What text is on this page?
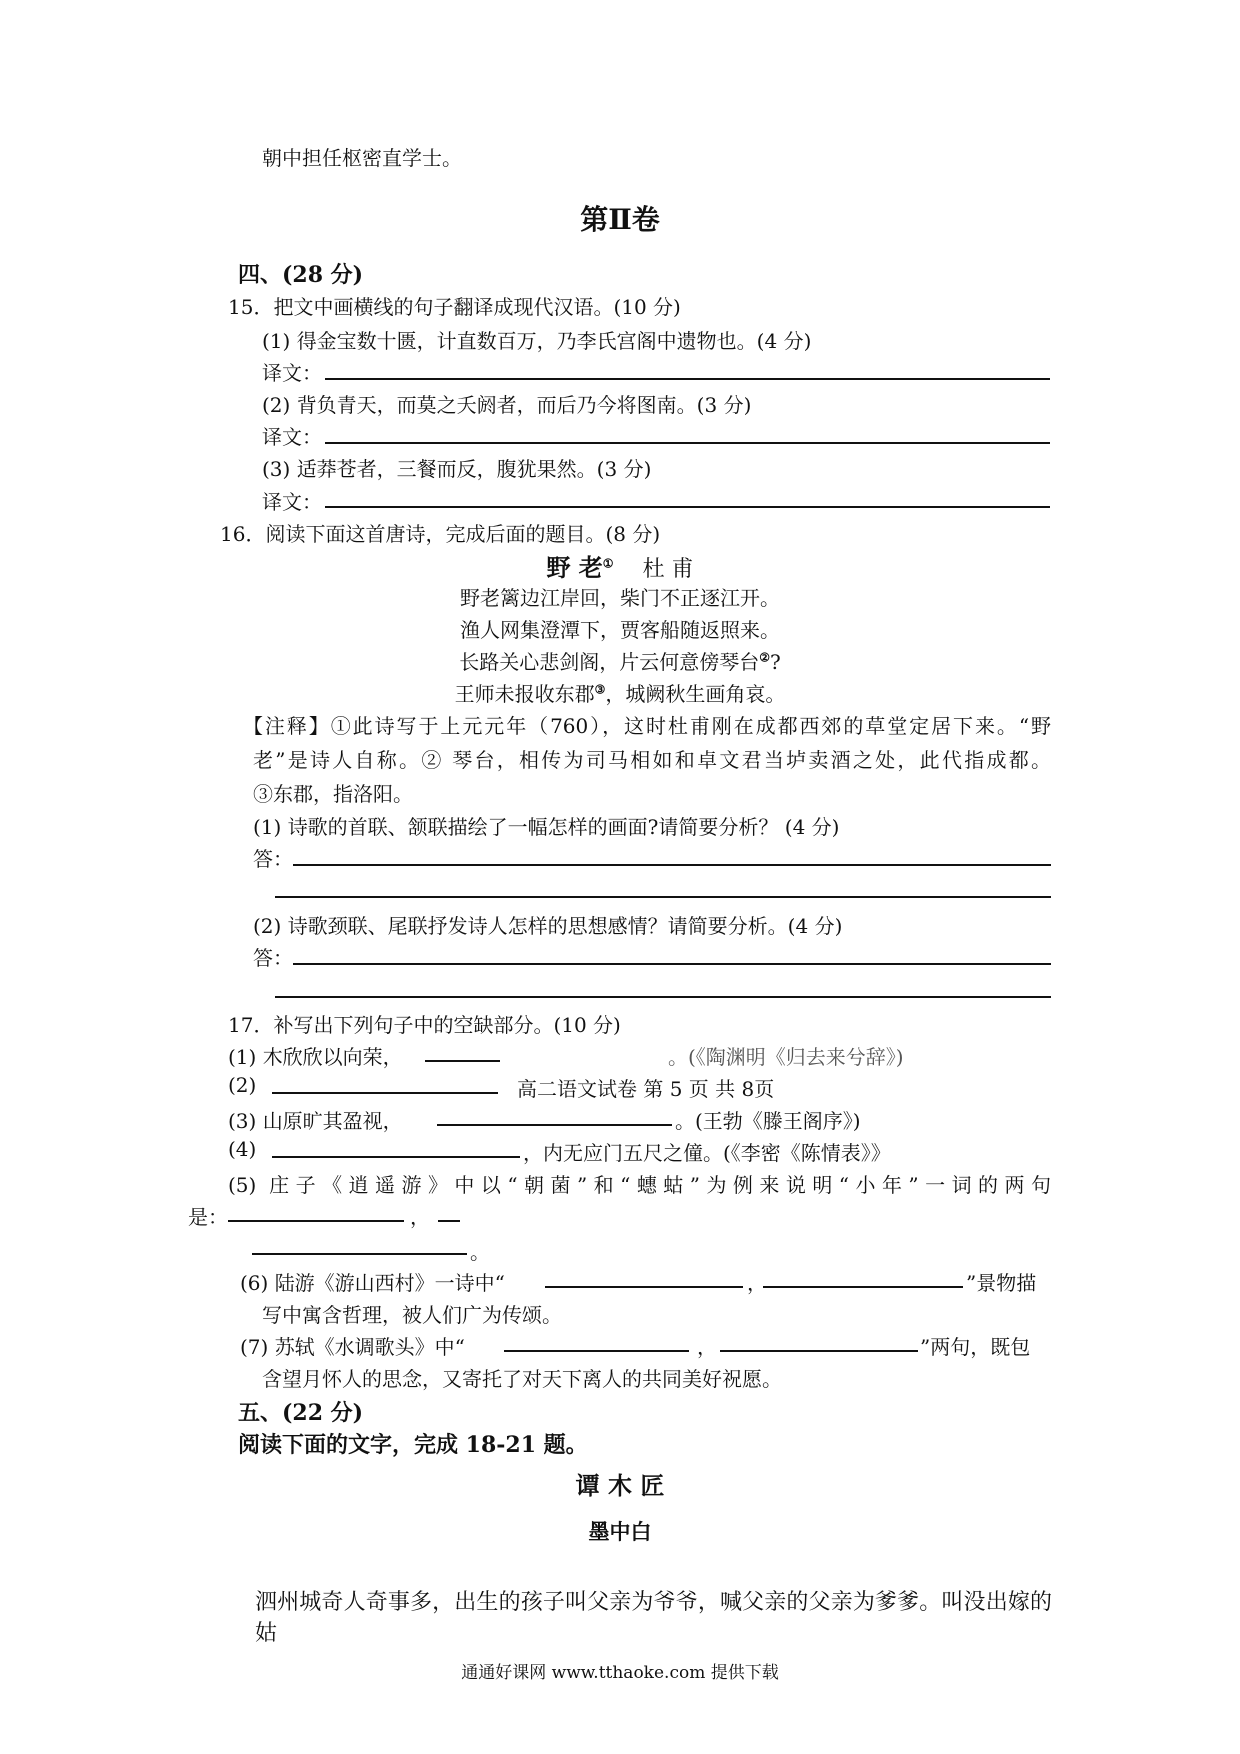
朝中担任枢密直学士。
第Ⅱ卷
四、(28 分)
15．把文中画横线的句子翻译成现代汉语。(10 分)
(1) 得金宝数十匮，计直数百万，乃李氏宫阁中遗物也。(4 分)
译文：
(2) 背负青天，而莫之夭阏者，而后乃今将图南。(3 分)
译文：
(3) 适莽苍者，三餐而反，腹犹果然。(3 分)
译文：
16．阅读下面这首唐诗，完成后面的题目。(8 分)
野 老① 杜 甫
野老篱边江岸回，柴门不正逐江开。
渔人网集澄潭下，贾客船随返照来。
长路关心悲剑阁，片云何意傍琴台②?
王师未报收东郡③，城阙秋生画角哀。
【注释】①此诗写于上元元年（760），这时杜甫刚在成都西郊的草堂定居下来。“野
老”是诗人自称。② 琴台，相传为司马相如和卓文君当垆卖酒之处，此代指成都。
③东郡，指洛阳。
(1) 诗歌的首联、颔联描绘了一幅怎样的画面?请简要分析？ (4 分)
答：
(2) 诗歌颈联、尾联抒发诗人怎样的思想感情？请简要分析。(4 分)
答：
17．补写出下列句子中的空缺部分。(10 分)
(1) 木欣欣以向荣，	。(《陶渊明《归去来兮辞》)
(2)	高二语文试卷 第 5 页 共 8页
(3) 山原旷其盈视，	。(王勃《滕王阁序》)
(4)	，内无应门五尺之僮。(《李密《陈情表》》
(5) 庄子《逍遥游》中以“朝菌”和“蟪蛄”为例来说明“小年”一词的两句
是：	，
。
(6) 陆游《游山西村》一诗中“	，	”景物描
写中寓含哲理，被人们广为传颂。
(7) 苏轼《水调歌头》中“	，	”两句，既包
含望月怀人的思念，又寄托了对天下离人的共同美好祝愿。
五、(22 分)
阅读下面的文字，完成 18-21 题。
谭 木 匠
墨中白
泗州城奇人奇事多，出生的孩子叫父亲为爷爷，喊父亲的父亲为爹爹。叫没出嫁的姑
通通好课网 www.tthaoke.com 提供下载
